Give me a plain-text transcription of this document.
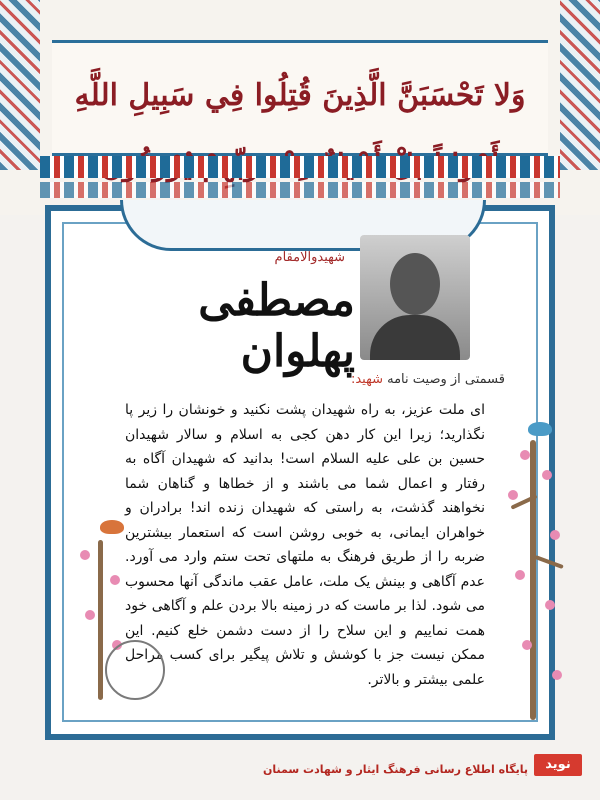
وَلا تَحْسَبَنَّ الَّذِينَ قُتِلُوا فِي سَبِيلِ اللَّهِ
شهیدوالامقام
مصطفی پهلوان
قسمتی از وصیت نامه شهید:

ای ملت عزیز، به راه شهیدان پشت نکنید و خونشان را زیر پا نگذارید؛ زیرا این کار دهن کجی به اسلام و سالار شهیدان حسین بن علی علیه السلام است! بدانید که شهیدان آگاه به رفتار و اعمال شما می باشند و از خطاها و گناهان شما نخواهند گذشت، به راستی که شهیدان زنده اند! برادران و خواهران ایمانی، به خوبی روشن است که استعمار بیشترین ضربه را از طریق فرهنگ به ملتهای تحت ستم وارد می آورد. عدم آگاهی و بینش یک ملت، عامل عقب ماندگی آنها محسوب می شود. لذا بر ماست که در زمینه بالا بردن علم و آگاهی خود همت نماییم و این سلاح را از دست دشمن خلع کنیم. این ممکن نیست جز با کوشش و تلاش پیگیر برای کسب مراحل علمی بیشتر و بالاتر.

نوید
پایگاه اطلاع رسانی فرهنگ ایثار و شهادت سمنان
